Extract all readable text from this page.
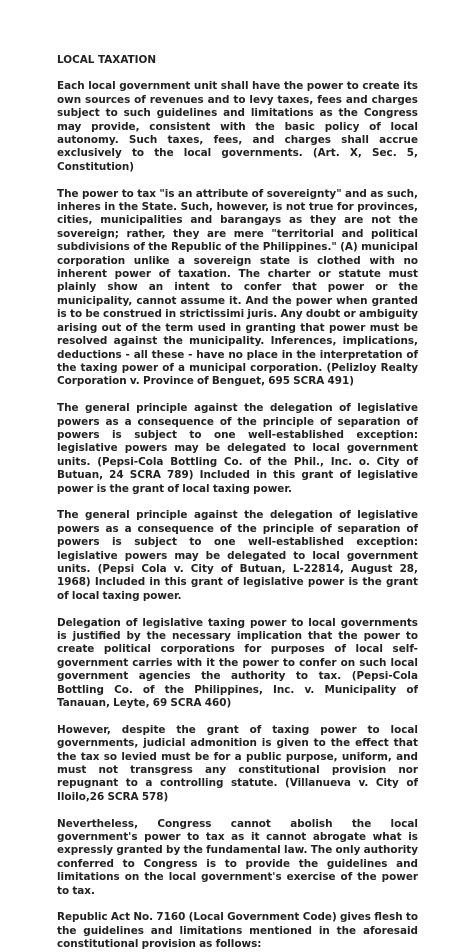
LOCAL TAXATION

Each local government unit shall have the power to create its own sources of revenues and to levy taxes, fees and charges subject to such guidelines and limitations as the Congress may provide, consistent with the basic policy of local autonomy. Such taxes, fees, and charges shall accrue exclusively to the local governments. (Art. X, Sec. 5, Constitution)

The power to tax "is an attribute of sovereignty" and as such, inheres in the State. Such, however, is not true for provinces, cities, municipalities and barangays as they are not the sovereign; rather, they are mere "territorial and political subdivisions of the Republic of the Philippines." (A) municipal corporation unlike a sovereign state is clothed with no inherent power of taxation. The charter or statute must plainly show an intent to confer that power or the municipality, cannot assume it. And the power when granted is to be construed in strictissimi juris. Any doubt or ambiguity arising out of the term used in granting that power must be resolved against the municipality. Inferences, implications, deductions - all these - have no place in the interpretation of the taxing power of a municipal corporation. (Pelizloy Realty Corporation v. Province of Benguet, 695 SCRA 491)

The general principle against the delegation of legislative powers as a consequence of the principle of separation of powers is subject to one well-established exception: legislative powers may be delegated to local government units. (Pepsi-Cola Bottling Co. of the Phil., Inc. o. City of Butuan, 24 SCRA 789) Included in this grant of legislative power is the grant of local taxing power.

The general principle against the delegation of legislative powers as a consequence of the principle of separation of powers is subject to one well-established exception: legislative powers may be delegated to local government units. (Pepsi Cola v. City of Butuan, L-22814, August 28, 1968) Included in this grant of legislative power is the grant of local taxing power.

Delegation of legislative taxing power to local governments is justified by the necessary implication that the power to create political corporations for purposes of local self-government carries with it the power to confer on such local government agencies the authority to tax. (Pepsi-Cola Bottling Co. of the Philippines, Inc. v. Municipality of Tanauan, Leyte, 69 SCRA 460)

However, despite the grant of taxing power to local governments, judicial admonition is given to the effect that the tax so levied must be for a public purpose, uniform, and must not transgress any constitutional provision nor repugnant to a controlling statute. (Villanueva v. City of Iloilo,26 SCRA 578)

Nevertheless, Congress cannot abolish the local government's power to tax as it cannot abrogate what is expressly granted by the fundamental law. The only authority conferred to Congress is to provide the guidelines and limitations on the local government's exercise of the power to tax.

Republic Act No. 7160 (Local Government Code) gives flesh to the guidelines and limitations mentioned in the aforesaid constitutional provision as follows:
